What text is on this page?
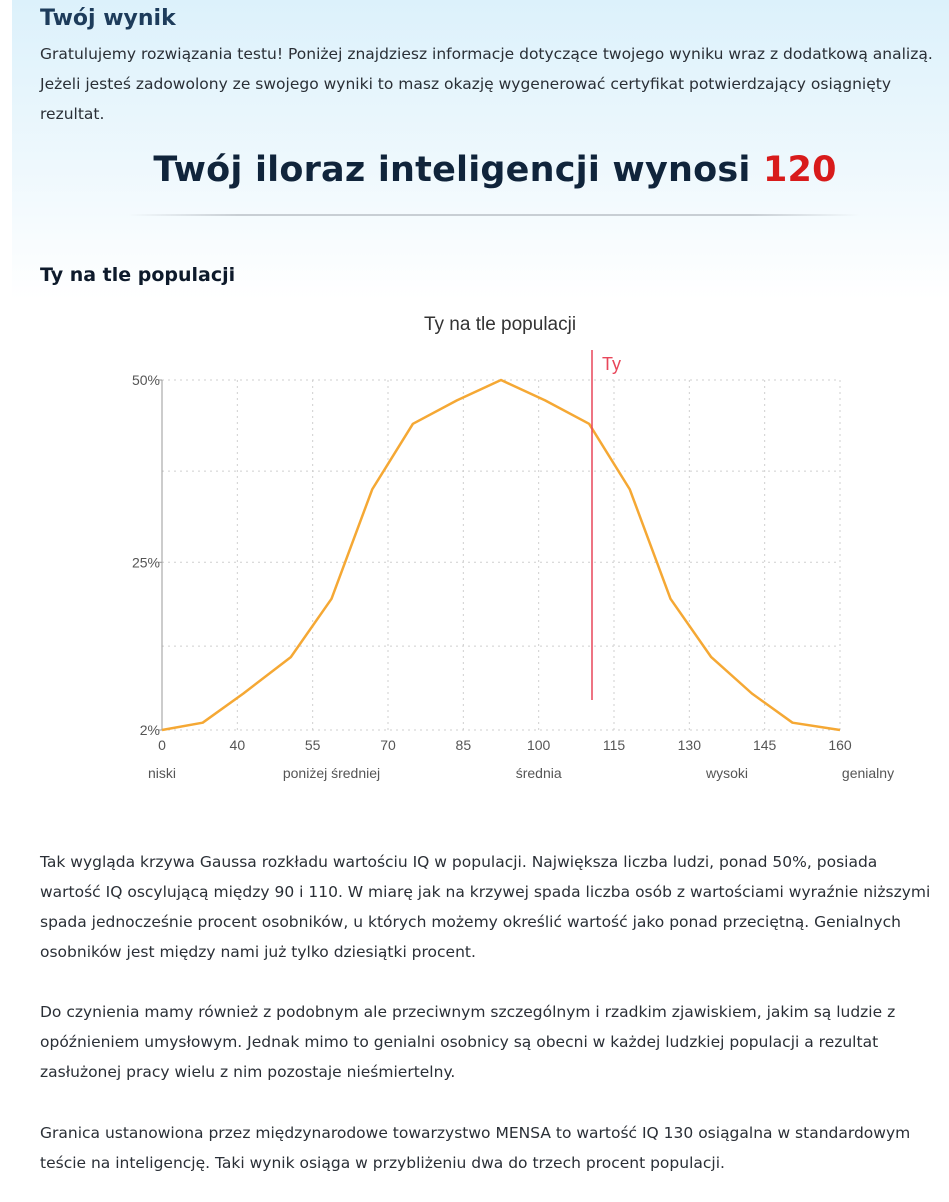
Twój wynik
Gratulujemy rozwiązania testu! Poniżej znajdziesz informacje dotyczące twojego wyniku wraz z dodatkową analizą. Jeżeli jesteś zadowolony ze swojego wyniki to masz okazję wygenerować certyfikat potwierdzający osiągnięty rezultat.
Twój iloraz inteligencji wynosi 120
Ty na tle populacji
Ty na tle populacji
50%
25%
2%
0	40	55	70	85	100	115	130	145	160
niski	poniżej średniej	średnia	wysoki	genialny
Ty

Tak wygląda krzywa Gaussa rozkładu wartościu IQ w populacji. Największa liczba ludzi, ponad 50%, posiada wartość IQ oscylującą między 90 i 110. W miarę jak na krzywej spada liczba osób z wartościami wyraźnie niższymi spada jednocześnie procent osobników, u których możemy określić wartość jako ponad przeciętną. Genialnych osobników jest między nami już tylko dziesiątki procent.

Do czynienia mamy również z podobnym ale przeciwnym szczególnym i rzadkim zjawiskiem, jakim są ludzie z opóźnieniem umysłowym. Jednak mimo to genialni osobnicy są obecni w każdej ludzkiej populacji a rezultat zasłużonej pracy wielu z nim pozostaje nieśmiertelny.

Granica ustanowiona przez międzynarodowe towarzystwo MENSA to wartość IQ 130 osiągalna w standardowym teście na inteligencję. Taki wynik osiąga w przybliżeniu dwa do trzech procent populacji.
